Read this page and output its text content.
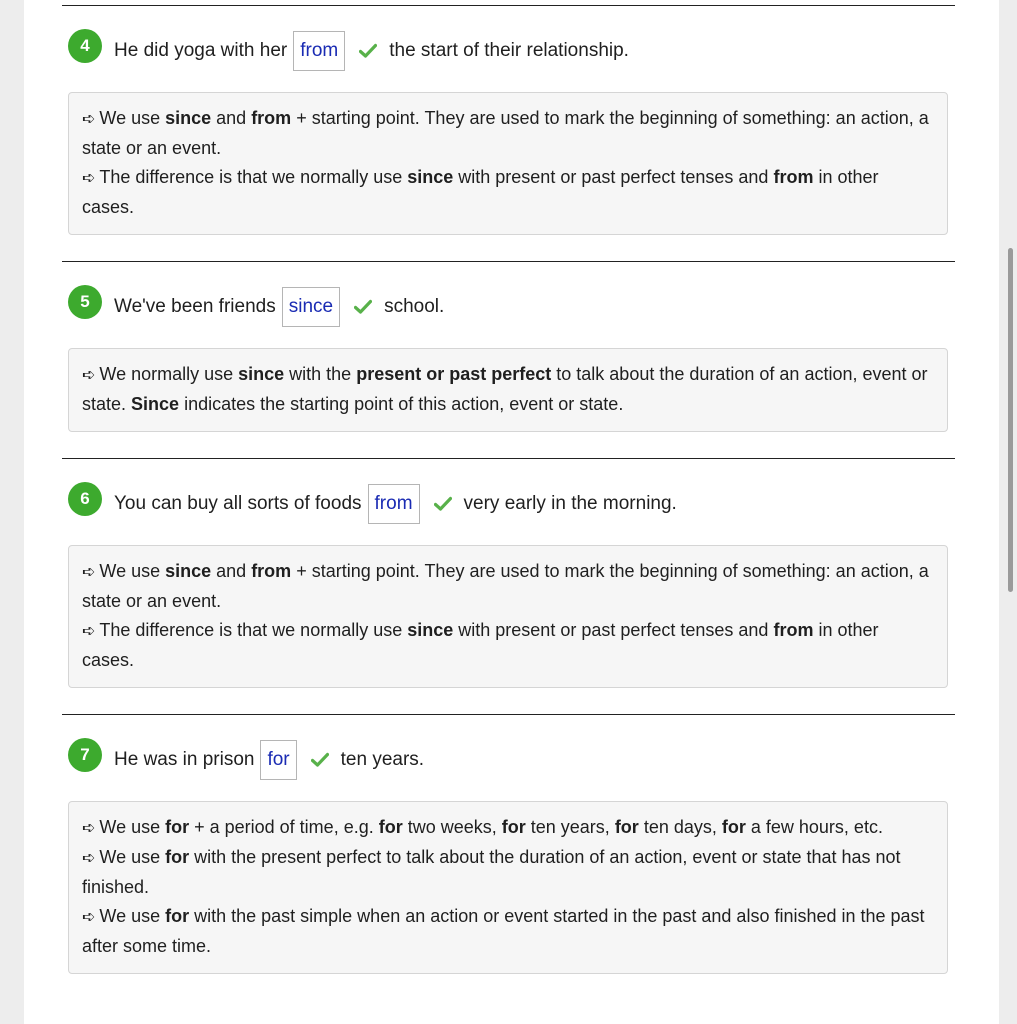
4	He did yoga with her from	the start of their relationship.

➪ We use since and from + starting point. They are used to mark the beginning of something: an action, a state or an event.

➪ The difference is that we normally use since with present or past perfect tenses and from in other cases.

5	We've been friends since	school.

➪ We normally use since with the present or past perfect to talk about the duration of an action, event or state. Since indicates the starting point of this action, event or state.

6	You can buy all sorts of foods from	very early in the morning.

➪ We use since and from + starting point. They are used to mark the beginning of something: an action, a state or an event.

➪ The difference is that we normally use since with present or past perfect tenses and from in other cases.

7	He was in prison for	ten years.

➪ We use for + a period of time, e.g. for two weeks, for ten years, for ten days, for a few hours, etc.

➪ We use for with the present perfect to talk about the duration of an action, event or state that has not finished.

➪ We use for with the past simple when an action or event started in the past and also finished in the past after some time.
